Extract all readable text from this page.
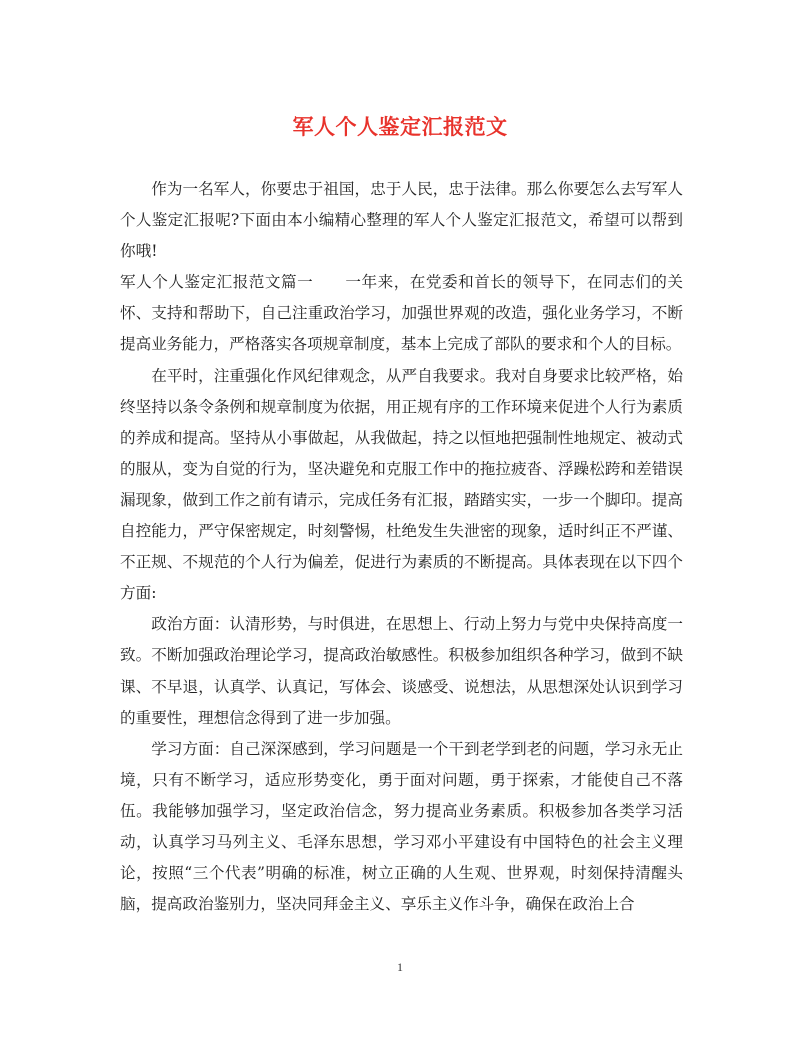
军人个人鉴定汇报范文

作为一名军人，你要忠于祖国，忠于人民，忠于法律。那么你要怎么去写军人个人鉴定汇报呢?下面由本小编精心整理的军人个人鉴定汇报范文，希望可以帮到你哦!

军人个人鉴定汇报范文篇一　　一年来，在党委和首长的领导下，在同志们的关怀、支持和帮助下，自己注重政治学习，加强世界观的改造，强化业务学习，不断提高业务能力，严格落实各项规章制度，基本上完成了部队的要求和个人的目标。

在平时，注重强化作风纪律观念，从严自我要求。我对自身要求比较严格，始终坚持以条令条例和规章制度为依据，用正规有序的工作环境来促进个人行为素质的养成和提高。坚持从小事做起，从我做起，持之以恒地把强制性地规定、被动式的服从，变为自觉的行为，坚决避免和克服工作中的拖拉疲沓、浮躁松跨和差错误漏现象，做到工作之前有请示，完成任务有汇报，踏踏实实，一步一个脚印。提高自控能力，严守保密规定，时刻警惕，杜绝发生失泄密的现象，适时纠正不严谨、不正规、不规范的个人行为偏差，促进行为素质的不断提高。具体表现在以下四个方面:

政治方面：认清形势，与时俱进，在思想上、行动上努力与党中央保持高度一致。不断加强政治理论学习，提高政治敏感性。积极参加组织各种学习，做到不缺课、不早退，认真学、认真记，写体会、谈感受、说想法，从思想深处认识到学习的重要性，理想信念得到了进一步加强。

学习方面：自己深深感到，学习问题是一个干到老学到老的问题，学习永无止境，只有不断学习，适应形势变化，勇于面对问题，勇于探索，才能使自己不落伍。我能够加强学习，坚定政治信念，努力提高业务素质。积极参加各类学习活动，认真学习马列主义、毛泽东思想，学习邓小平建设有中国特色的社会主义理论，按照“三个代表”明确的标准，树立正确的人生观、世界观，时刻保持清醒头脑，提高政治鉴别力，坚决同拜金主义、享乐主义作斗争，确保在政治上合

1
